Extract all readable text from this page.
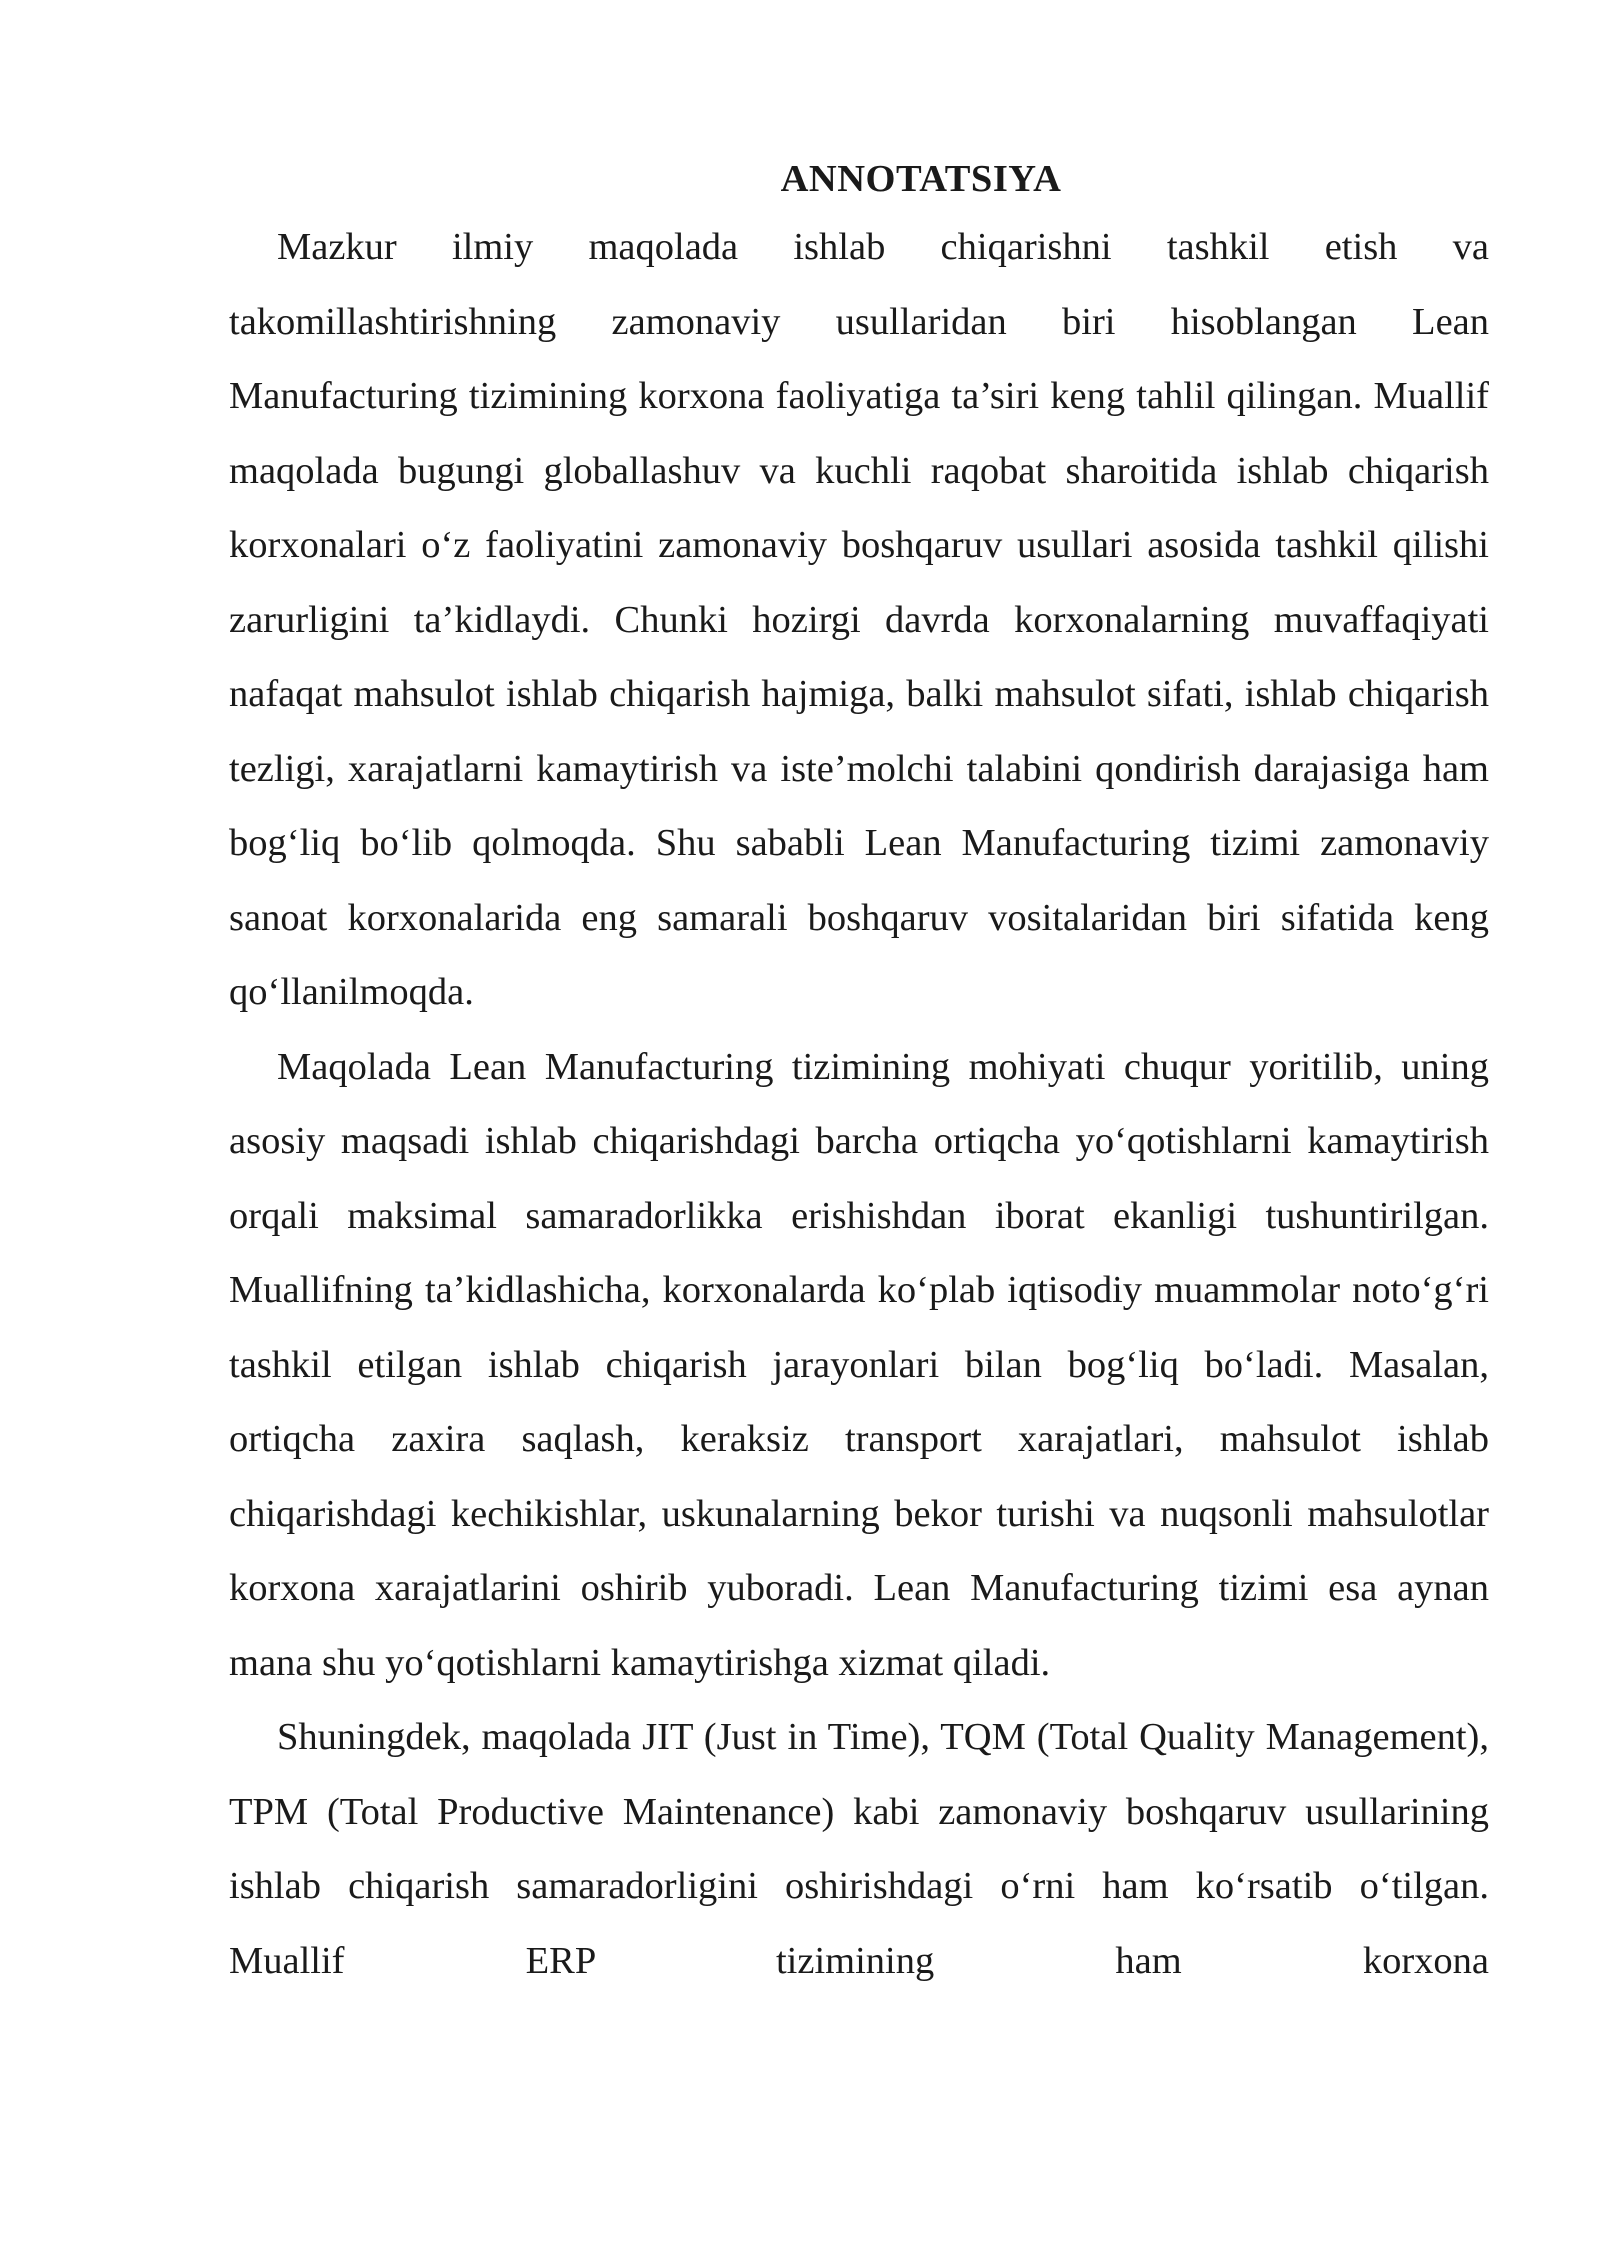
ANNOTATSIYA

Mazkur ilmiy maqolada ishlab chiqarishni tashkil etish va takomillashtirishning zamonaviy usullaridan biri hisoblangan Lean Manufacturing tizimining korxona faoliyatiga ta’siri keng tahlil qilingan. Muallif maqolada bugungi globallashuv va kuchli raqobat sharoitida ishlab chiqarish korxonalari o‘z faoliyatini zamonaviy boshqaruv usullari asosida tashkil qilishi zarurligini ta’kidlaydi. Chunki hozirgi davrda korxonalarning muvaffaqiyati nafaqat mahsulot ishlab chiqarish hajmiga, balki mahsulot sifati, ishlab chiqarish tezligi, xarajatlarni kamaytirish va iste’molchi talabini qondirish darajasiga ham bog‘liq bo‘lib qolmoqda. Shu sababli Lean Manufacturing tizimi zamonaviy sanoat korxonalarida eng samarali boshqaruv vositalaridan biri sifatida keng qo‘llanilmoqda.

Maqolada Lean Manufacturing tizimining mohiyati chuqur yoritilib, uning asosiy maqsadi ishlab chiqarishdagi barcha ortiqcha yo‘qotishlarni kamaytirish orqali maksimal samaradorlikka erishishdan iborat ekanligi tushuntirilgan. Muallifning ta’kidlashicha, korxonalarda ko‘plab iqtisodiy muammolar noto‘g‘ri tashkil etilgan ishlab chiqarish jarayonlari bilan bog‘liq bo‘ladi. Masalan, ortiqcha zaxira saqlash, keraksiz transport xarajatlari, mahsulot ishlab chiqarishdagi kechikishlar, uskunalarning bekor turishi va nuqsonli mahsulotlar korxona xarajatlarini oshirib yuboradi. Lean Manufacturing tizimi esa aynan mana shu yo‘qotishlarni kamaytirishga xizmat qiladi.

Shuningdek, maqolada JIT (Just in Time), TQM (Total Quality Management), TPM (Total Productive Maintenance) kabi zamonaviy boshqaruv usullarining ishlab chiqarish samaradorligini oshirishdagi o‘rni ham ko‘rsatib o‘tilgan. Muallif ERP tizimining ham korxona
